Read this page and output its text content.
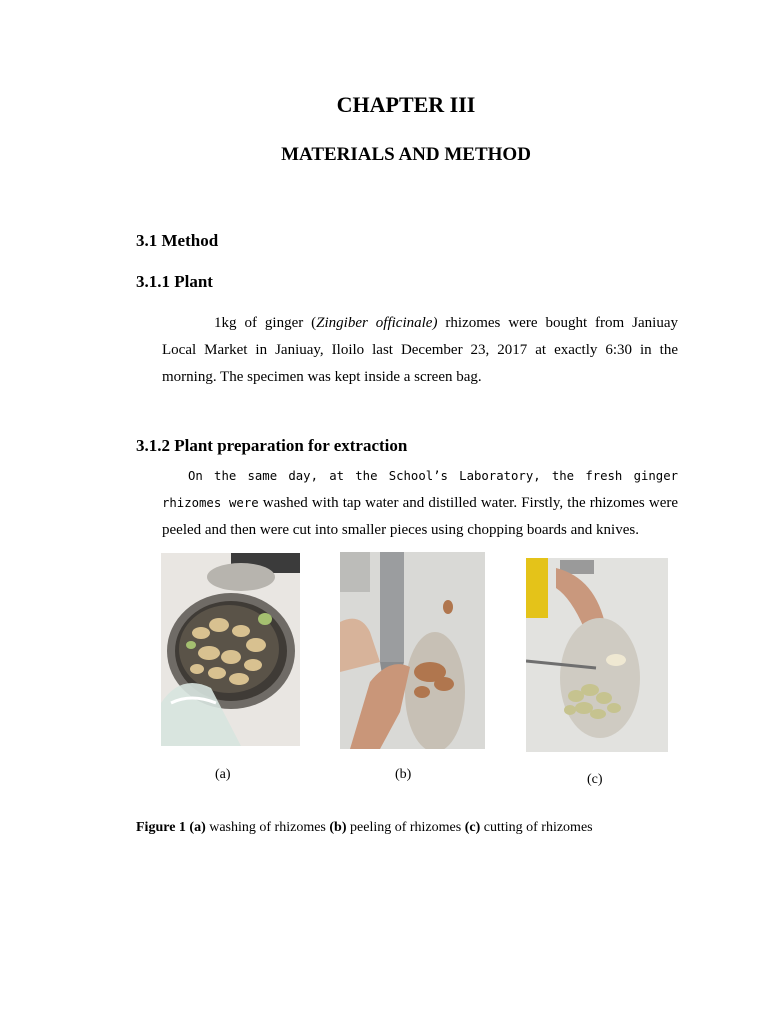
CHAPTER III
MATERIALS AND METHOD
3.1 Method
3.1.1 Plant
1kg of ginger (Zingiber officinale) rhizomes were bought from Janiuay Local Market in Janiuay, Iloilo last December 23, 2017 at exactly 6:30 in the morning. The specimen was kept inside a screen bag.
3.1.2 Plant preparation for extraction
On the same day, at the School’s Laboratory, the fresh ginger rhizomes were washed with tap water and distilled water. Firstly, the rhizomes were peeled and then were cut into smaller pieces using chopping boards and knives.
(a)	(b)	(c)
Figure 1 (a) washing of rhizomes (b) peeling of rhizomes (c) cutting of rhizomes
